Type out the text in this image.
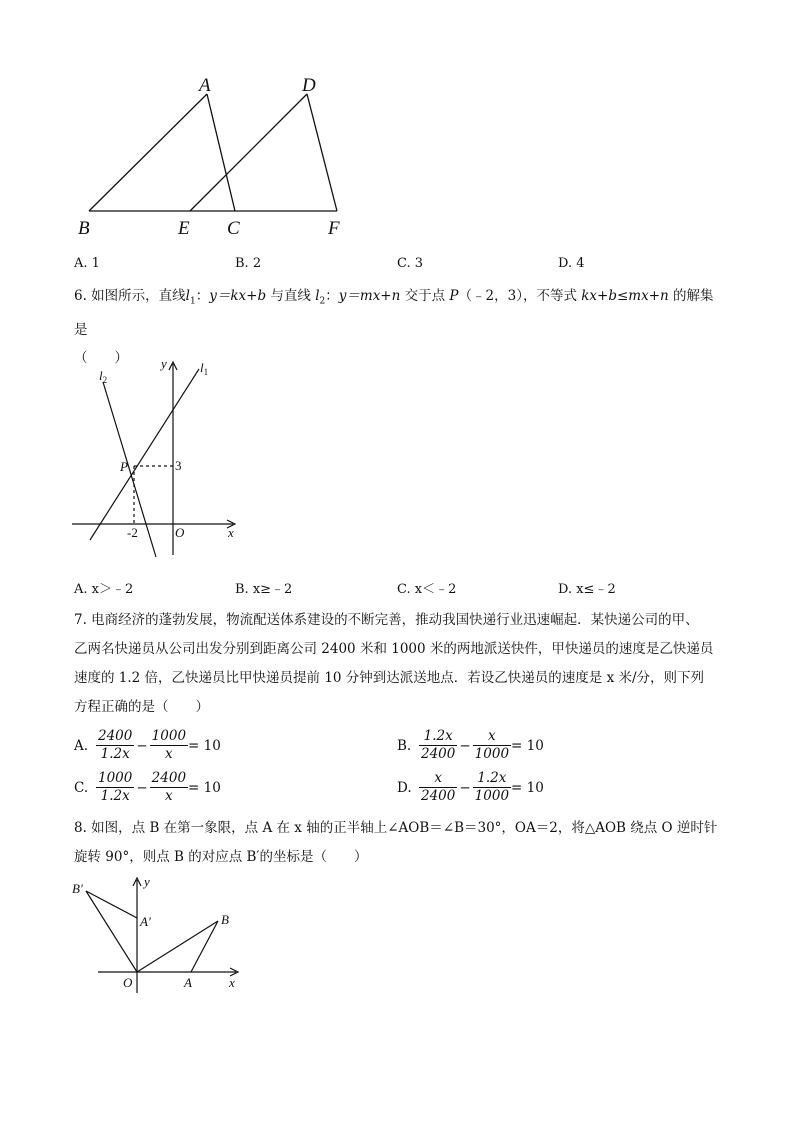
A	D
B	E C	F
A. 1	B. 2	C. 3	D. 4
6. 如图所示，直线$l_1$：y＝kx+b 与直线 $l_2$：y＝mx+n 交于点 P（﹣2，3），不等式 kx+b≤mx+n 的解集是
（　　）	y
x
O
P	3
-2
$l_1$
$l_2$
A. x＞﹣2	B. x≥﹣2	C. x＜﹣2	D. x≤﹣2
7. 电商经济的蓬勃发展，物流配送体系建设的不断完善，推动我国快递行业迅速崛起．某快递公司的甲、
乙两名快递员从公司出发分别到距离公司 2400 米和 1000 米的两地派送快件，甲快递员的速度是乙快递员
速度的 1.2 倍，乙快递员比甲快递员提前 10 分钟到达派送地点．若设乙快递员的速度是 x 米/分，则下列
方程正确的是（　　）
A. $\frac{2400}{1.2x} - \frac{1000}{x} = 10$	B. $\frac{1.2x}{2400} - \frac{x}{1000} = 10$
C. $\frac{1000}{1.2x} - \frac{2400}{x} = 10$	D. $\frac{x}{2400} - \frac{1.2x}{1000} = 10$
8. 如图，点 B 在第一象限，点 A 在 x 轴的正半轴上∠AOB＝∠B＝30°，OA＝2，将△AOB 绕点 O 逆时针
旋转 90°，则点 B 的对应点 B′的坐标是（　　）
y
x
O	A
B
A′
B′
